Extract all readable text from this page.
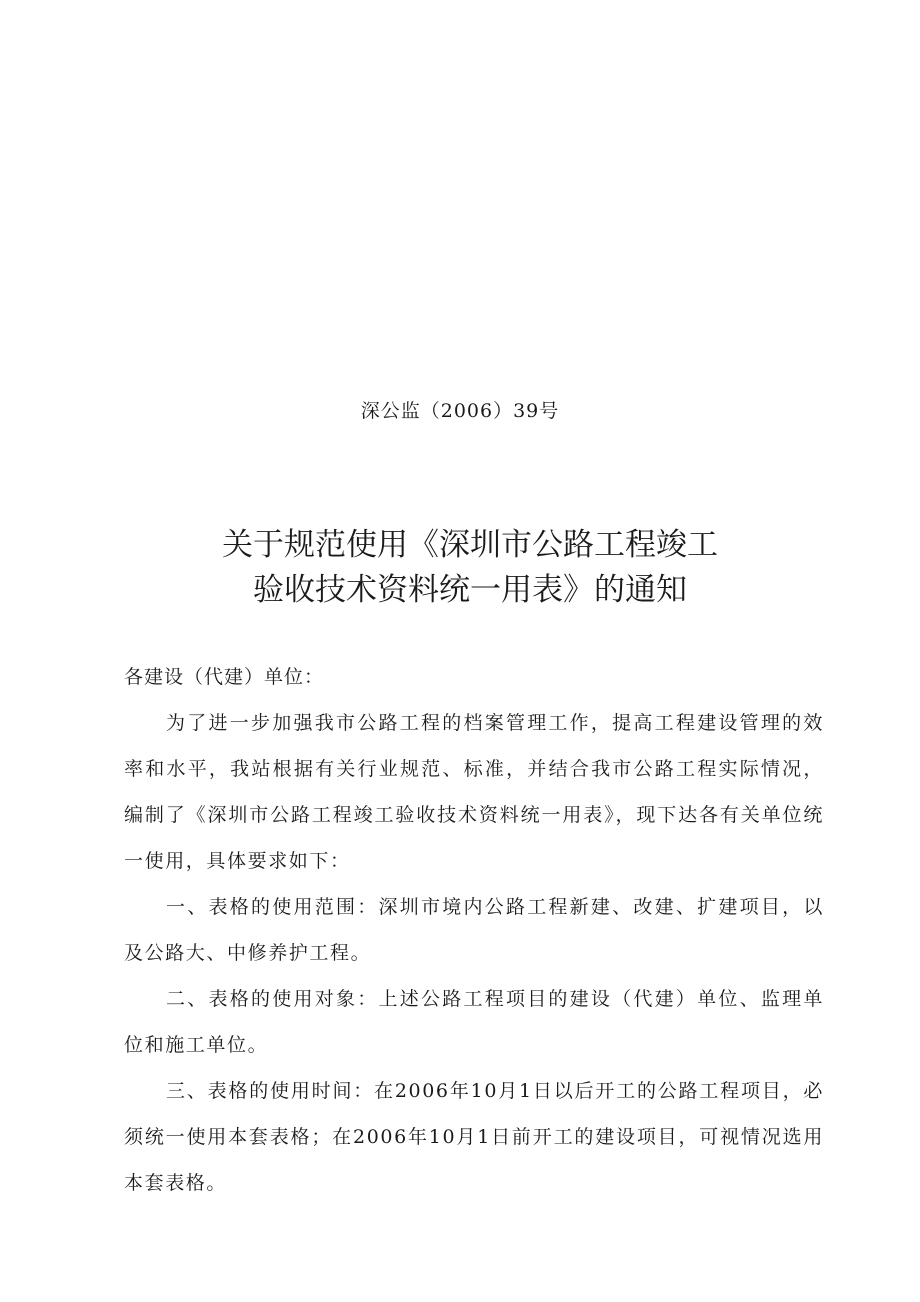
深公监（2006）39号
关于规范使用《深圳市公路工程竣工
验收技术资料统一用表》的通知
各建设（代建）单位：

为了进一步加强我市公路工程的档案管理工作，提高工程建设管理的效率和水平，我站根据有关行业规范、标准，并结合我市公路工程实际情况，编制了《深圳市公路工程竣工验收技术资料统一用表》，现下达各有关单位统一使用，具体要求如下：

一、表格的使用范围：深圳市境内公路工程新建、改建、扩建项目，以及公路大、中修养护工程。

二、表格的使用对象：上述公路工程项目的建设（代建）单位、监理单位和施工单位。

三、表格的使用时间：在2006年10月1日以后开工的公路工程项目，必须统一使用本套表格；在2006年10月1日前开工的建设项目，可视情况选用本套表格。
